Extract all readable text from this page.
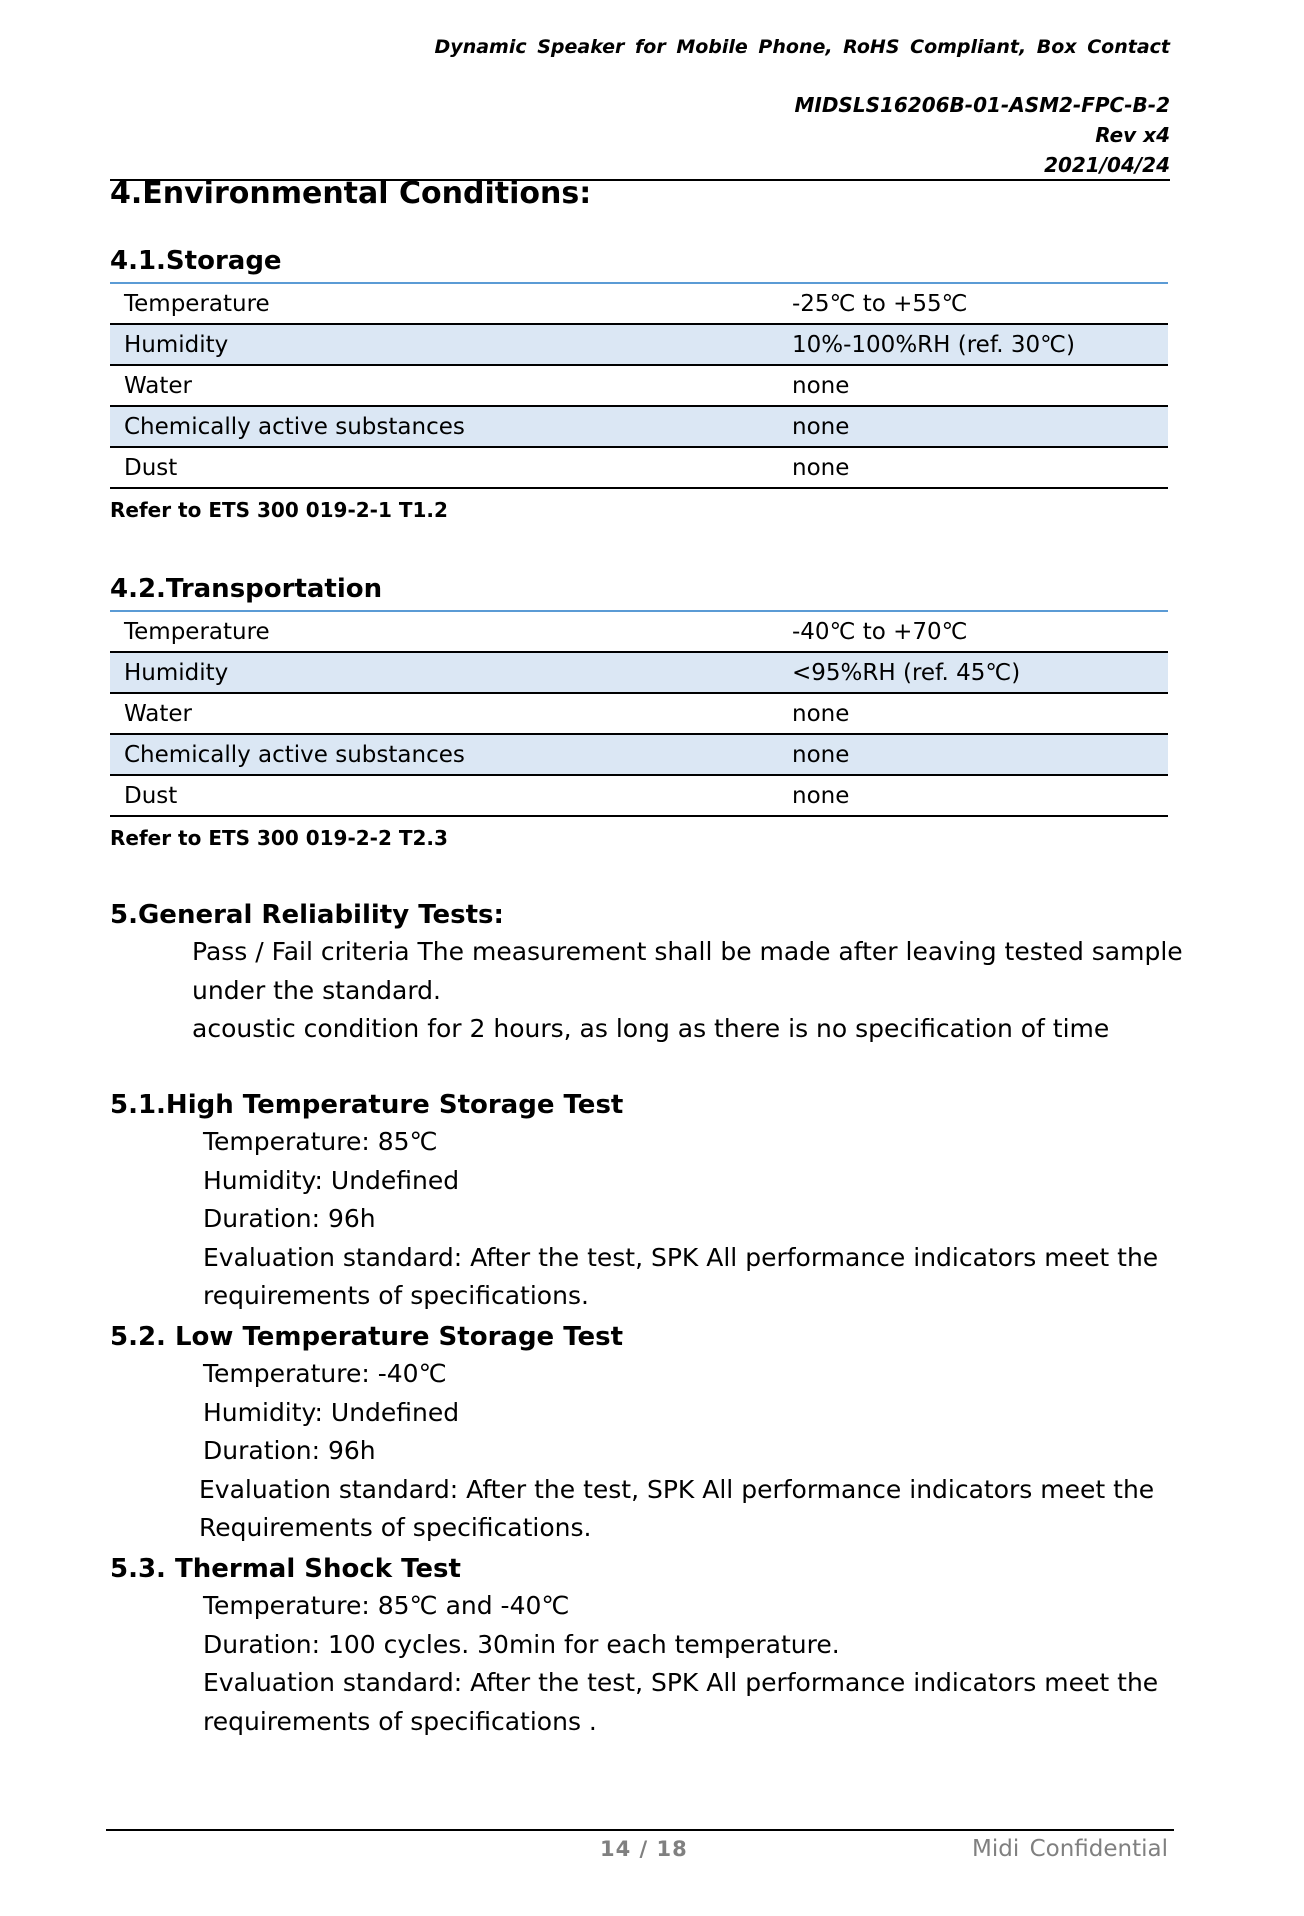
Dynamic Speaker for Mobile Phone, RoHS Compliant, Box Contact
MIDSLS16206B-01-ASM2-FPC-B-2
Rev x4
2021/04/24
4.Environmental Conditions:
4.1.Storage
Temperature	-25℃ to +55℃
Humidity	10%-100%RH (ref. 30℃)
Water	none
Chemically active substances	none
Dust	none
Refer to ETS 300 019-2-1 T1.2
4.2.Transportation
Temperature	-40℃ to +70℃
Humidity	<95%RH (ref. 45℃)
Water	none
Chemically active substances	none
Dust	none
Refer to ETS 300 019-2-2 T2.3
5.General Reliability Tests:
Pass / Fail criteria The measurement shall be made after leaving tested sample
under the standard.
acoustic condition for 2 hours, as long as there is no specification of time
5.1.High Temperature Storage Test
Temperature: 85℃
Humidity: Undefined
Duration: 96h
Evaluation standard: After the test, SPK All performance indicators meet the
requirements of specifications.
5.2. Low Temperature Storage Test
Temperature: -40℃
Humidity: Undefined
Duration: 96h
Evaluation standard: After the test, SPK All performance indicators meet the
Requirements of specifications.
5.3. Thermal Shock Test
Temperature: 85℃ and -40℃
Duration: 100 cycles. 30min for each temperature.
Evaluation standard: After the test, SPK All performance indicators meet the
requirements of specifications .
14 / 18	Midi Confidential
